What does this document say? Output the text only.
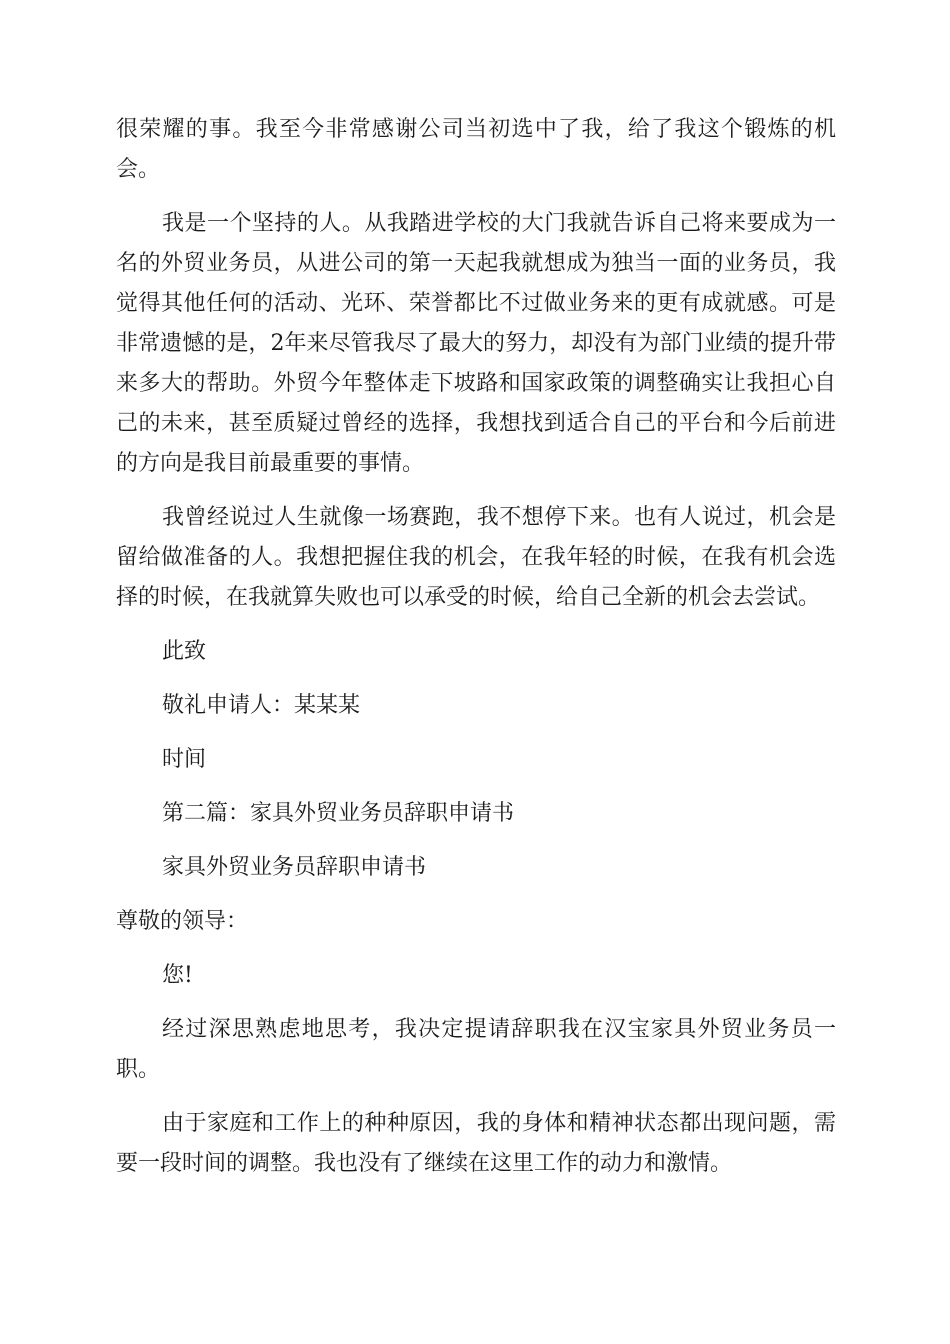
很荣耀的事。我至今非常感谢公司当初选中了我，给了我这个锻炼的机会。

我是一个坚持的人。从我踏进学校的大门我就告诉自己将来要成为一名的外贸业务员，从进公司的第一天起我就想成为独当一面的业务员，我觉得其他任何的活动、光环、荣誉都比不过做业务来的更有成就感。可是非常遗憾的是，2年来尽管我尽了最大的努力，却没有为部门业绩的提升带来多大的帮助。外贸今年整体走下坡路和国家政策的调整确实让我担心自己的未来，甚至质疑过曾经的选择，我想找到适合自己的平台和今后前进的方向是我目前最重要的事情。

我曾经说过人生就像一场赛跑，我不想停下来。也有人说过，机会是留给做准备的人。我想把握住我的机会，在我年轻的时候，在我有机会选择的时候，在我就算失败也可以承受的时候，给自己全新的机会去尝试。

此致

敬礼申请人：某某某

时间

第二篇：家具外贸业务员辞职申请书

家具外贸业务员辞职申请书

尊敬的领导：

您!

经过深思熟虑地思考，我决定提请辞职我在汉宝家具外贸业务员一职。

由于家庭和工作上的种种原因，我的身体和精神状态都出现问题，需要一段时间的调整。我也没有了继续在这里工作的动力和激情。
